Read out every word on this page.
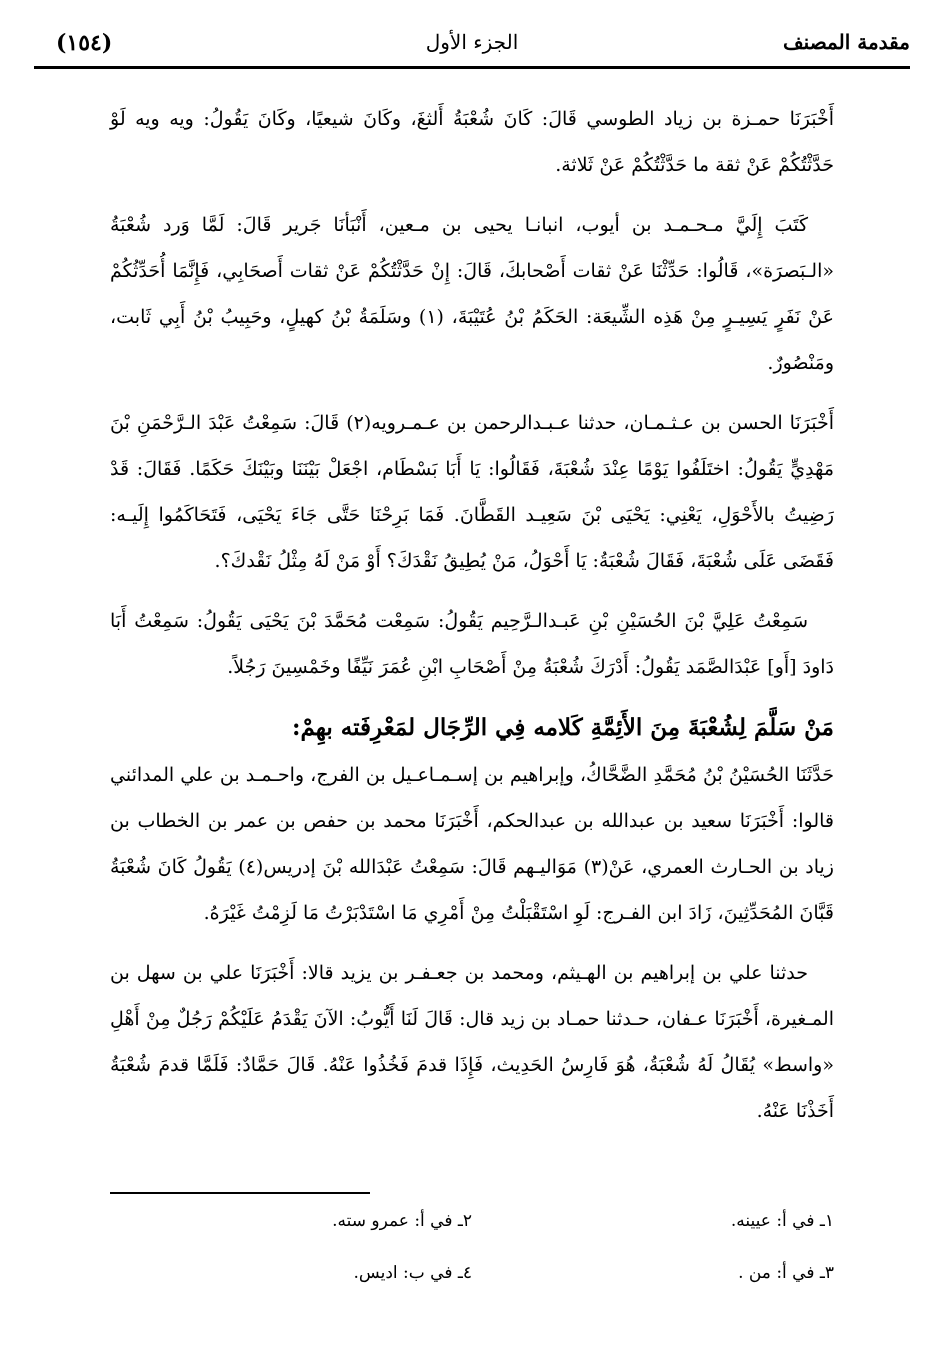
(١٥٤)	الجزء الأول	مقدمة المصنف

أَخْبَرَنَا حمـزة بن زياد الطوسي قَالَ: كَانَ شُعْبَةُ أَلثغَ، وكَانَ شيعيًا، وكَانَ يَقُولُ: ويه ويه لَوْ حَدَّثْتُكُمْ عَنْ ثقة ما حَدَّثْتُكُمْ عَنْ ثَلاثة.

كَتَبَ إِلَيَّ مـحـمـد بن أيوب، انبانـا يحيى بن مـعين، أَنْبَأنَا جَرير قَالَ: لَمَّا وَرد شُعْبَةُ «الـبَصرَة»، قَالُوا: حَدِّثْنَا عَنْ ثقات أَصْحابكَ، قَالَ: إِنْ حَدَّثْتُكُمْ عَنْ ثقات أَصحَابِي، فَإِنَّمَا أُحَدِّثُكُمْ عَنْ نَفَرٍ يَسِيـرٍ مِنْ هَذِه الشِّيعَة: الحَكَمُ بْنُ عُتَيْبَةَ، (١) وسَلَمَةُ بْنُ كهيلٍ، وحَبِيبُ بْنُ أَبِي ثَابت، ومَنْصُورٌ.

أَخْبَرَنَا الحسن بن عـثـمـان، حدثنا عـبـدالرحمن بن عـمـرويه(٢) قَالَ: سَمِعْتُ عَبْدَ الـرَّحْمَنِ بْنَ مَهْدِيٍّ يَقُولُ: اختَلَفُوا يَوْمًا عِنْدَ شُعْبَةَ، فَقَالُوا: يَا أَبَا بَسْطَام، اجْعَلْ بَيْنَنَا وبَيْنَكَ حَكَمًا. فَقَالَ: قَدْ رَضِيتُ بالأَحْوَلِ، يَعْنِي: يَحْيَى بْنَ سَعِيـد القَطَّانَ. فَمَا بَرِحْنَا حَتَّى جَاءَ يَحْيَى، فَتَحَاكَمُوا إِلَيـه: فَقَضَى عَلَى شُعْبَةَ، فَقَالَ شُعْبَةُ: يَا أَحْوَلُ، مَنْ يُطِيقُ نَقْدَكَ؟ أَوْ مَنْ لَهُ مِثْلُ نَقْدكَ؟.

سَمِعْتُ عَلِيَّ بْنَ الحُسَيْنِ بْنِ عَبـدالـرَّحِيم يَقُولُ: سَمِعْت مُحَمَّدَ بْنَ يَحْيَى يَقُولُ: سَمِعْتُ أَبَا دَاودَ [أَو] عَبْدَالصَّمَد يَقُولُ: أَدْرَكَ شُعْبَةُ مِنْ أَصْحَابِ ابْنِ عُمَرَ نَيِّفًا وخَمْسِينَ رَجُلاً.

مَنْ سَلَّمَ لِشُعْبَةَ مِنَ الأَئِمَّةِ كَلامه فِي الرِّجَال لمَعْرِفَته بهِمْ:

حَدَّثَنَا الحُسَيْنُ بْنُ مُحَمَّدِ الضَّحَّاكُ، وإبراهيم بن إسـمـاعـيل بن الفرج، واحـمـد بن علي المدائني قالوا: أَخْبَرَنَا سعيد بن عبدالله بن عبدالحكم، أَخْبَرَنَا محمد بن حفص بن عمر بن الخطاب بن زياد بن الحـارث العمري، عَنْ(٣) مَوَاليـهم قَالَ: سَمِعْتُ عَبْدَالله بْنَ إدريس(٤) يَقُولُ كَانَ شُعْبَةُ قَبَّانَ المُحَدِّثِينَ، زَادَ ابن الفـرج: لَوِ اسْتَقْبَلْتُ مِنْ أَمْرِي مَا اسْتَدْبَرْتُ مَا لَزِمْتُ غَيْرَهُ.

حدثنا علي بن إبراهيم بن الهـيثم، ومحمد بن جعـفـر بن يزيد قالا: أَخْبَرَنَا علي بن سهل بن المـغيرة، أَخْبَرَنَا عـفان، حـدثنا حمـاد بن زيد قال: قَالَ لَنَا أَيُّوبُ: الآنَ يَقْدَمُ عَلَيْكُمْ رَجُلٌ مِنْ أَهْلِ «واسط» يُقَالُ لَهُ شُعْبَةُ، هُوَ فَارِسُ الحَدِيث، فَإِذَا قدمَ فَخُذُوا عَنْهُ. قَالَ حَمَّادٌ: فَلَمَّا قدمَ شُعْبَةُ أَخَذْنَا عَنْهُ.

١ـ في أ: عيينه.
٢ـ في أ: عمرو سته.
٣ـ في أ: من .
٤ـ في ب: اديس.
